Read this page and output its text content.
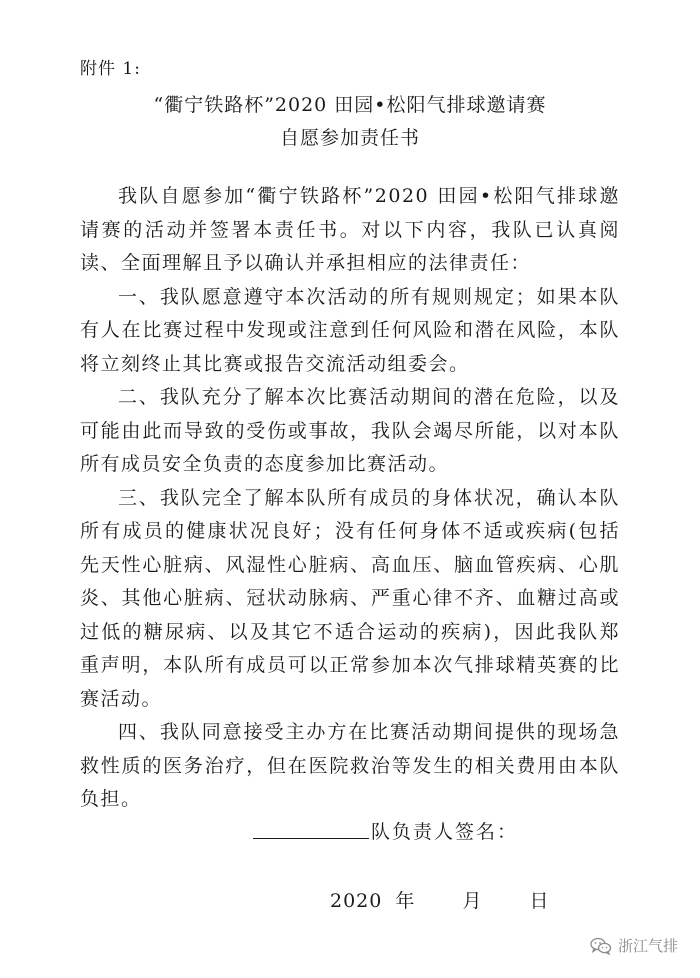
附件 1:
“衢宁铁路杯”2020 田园•松阳气排球邀请赛
自愿参加责任书

我队自愿参加“衢宁铁路杯”2020 田园•松阳气排球邀请赛的活动并签署本责任书。对以下内容，我队已认真阅读、全面理解且予以确认并承担相应的法律责任：

一、我队愿意遵守本次活动的所有规则规定；如果本队有人在比赛过程中发现或注意到任何风险和潜在风险，本队将立刻终止其比赛或报告交流活动组委会。

二、我队充分了解本次比赛活动期间的潜在危险，以及可能由此而导致的受伤或事故，我队会竭尽所能，以对本队所有成员安全负责的态度参加比赛活动。

三、我队完全了解本队所有成员的身体状况，确认本队所有成员的健康状况良好；没有任何身体不适或疾病(包括先天性心脏病、风湿性心脏病、高血压、脑血管疾病、心肌炎、其他心脏病、冠状动脉病、严重心律不齐、血糖过高或过低的糖尿病、以及其它不适合运动的疾病)，因此我队郑重声明，本队所有成员可以正常参加本次气排球精英赛的比赛活动。

四、我队同意接受主办方在比赛活动期间提供的现场急救性质的医务治疗，但在医院救治等发生的相关费用由本队负担。

队负责人签名：
2020 年 月 日
浙江气排
